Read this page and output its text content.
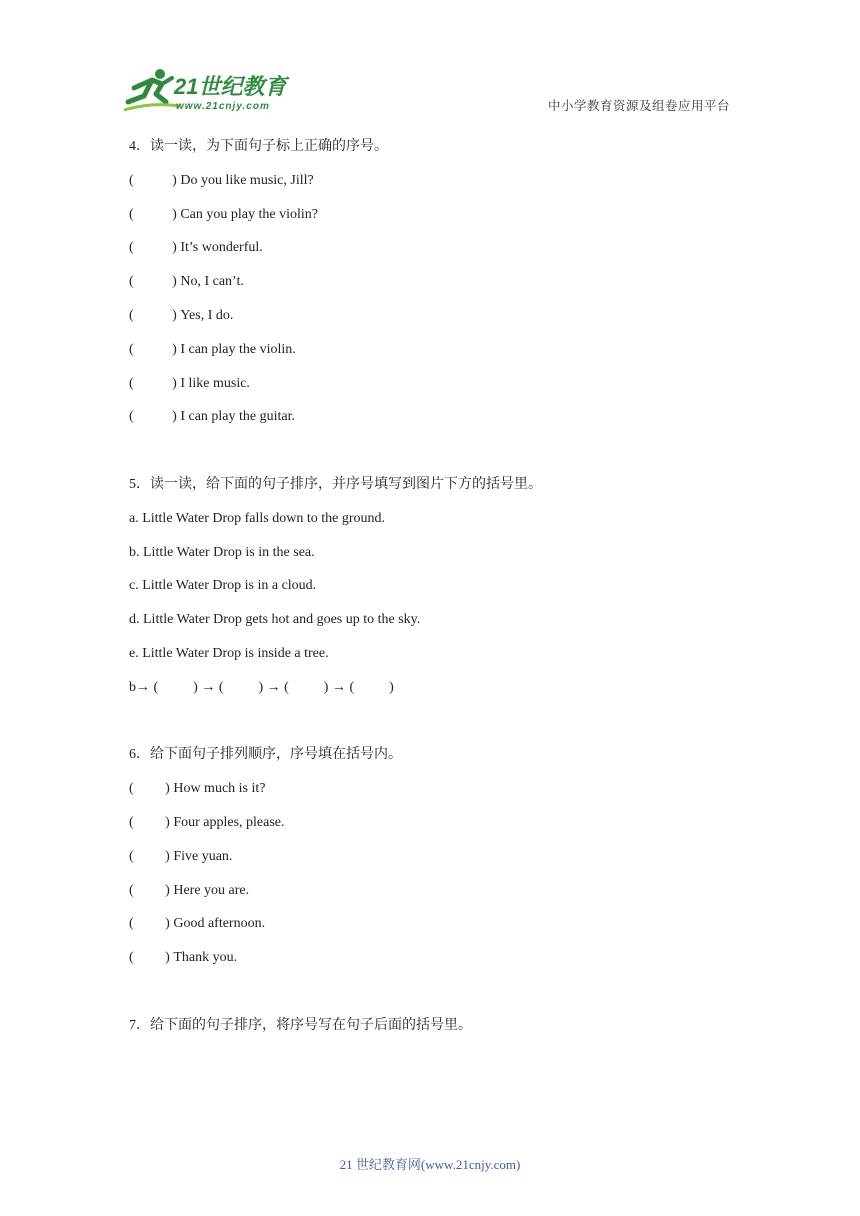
21世纪教育
www.21cnjy.com	中小学教育资源及组卷应用平台
4．读一读，为下面句子标上正确的序号。
(           ) Do you like music, Jill?
(           ) Can you play the violin?
(           ) It’s wonderful.
(           ) No, I can’t.
(           ) Yes, I do.
(           ) I can play the violin.
(           ) I like music.
(           ) I can play the guitar.
5．读一读，给下面的句子排序，并序号填写到图片下方的括号里。
a. Little Water Drop falls down to the ground.
b. Little Water Drop is in the sea.
c. Little Water Drop is in a cloud.
d. Little Water Drop gets hot and goes up to the sky.
e. Little Water Drop is inside a tree.
b→ (          ) → (          ) → (          ) → (          )
6．给下面句子排列顺序，序号填在括号内。
(         ) How much is it?
(         ) Four apples, please.
(         ) Five yuan.
(         ) Here you are.
(         ) Good afternoon.
(         ) Thank you.
7．给下面的句子排序，将序号写在句子后面的括号里。
21 世纪教育网(www.21cnjy.com)
